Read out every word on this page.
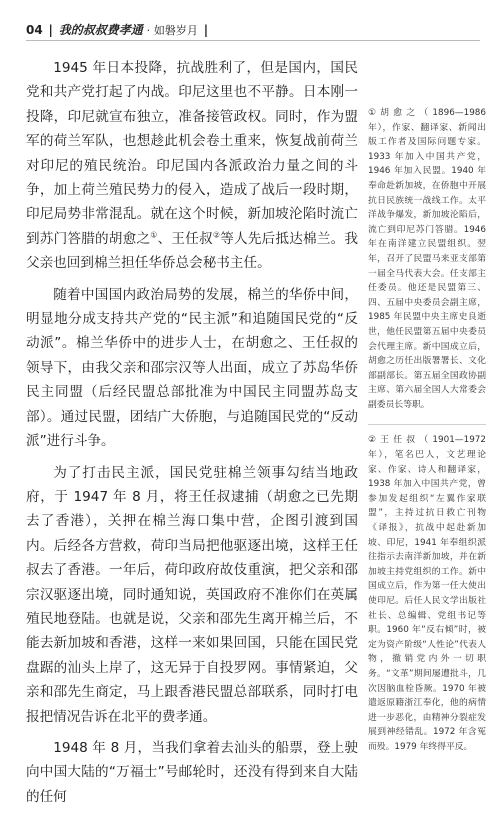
04 | 我的叔叔费孝通 · 如磐岁月 |

1945 年日本投降，抗战胜利了，但是国内，国民党和共产党打起了内战。印尼这里也不平静。日本刚一投降，印尼就宣布独立，准备接管政权。同时，作为盟军的荷兰军队，也想趁此机会卷土重来，恢复战前荷兰对印尼的殖民统治。印尼国内各派政治力量之间的斗争，加上荷兰殖民势力的侵入，造成了战后一段时期，印尼局势非常混乱。就在这个时候，新加坡沦陷时流亡到苏门答腊的胡愈之①、王任叔②等人先后抵达棉兰。我父亲也回到棉兰担任华侨总会秘书主任。

随着中国国内政治局势的发展，棉兰的华侨中间，明显地分成支持共产党的“民主派”和追随国民党的“反动派”。棉兰华侨中的进步人士，在胡愈之、王任叔的领导下，由我父亲和邵宗汉等人出面，成立了苏岛华侨民主同盟（后经民盟总部批准为中国民主同盟苏岛支部）。通过民盟，团结广大侨胞，与追随国民党的“反动派”进行斗争。

为了打击民主派，国民党驻棉兰领事勾结当地政府，于 1947 年 8 月，将王任叔逮捕（胡愈之已先期去了香港），关押在棉兰海口集中营，企图引渡到国内。后经各方营救，荷印当局把他驱逐出境，这样王任叔去了香港。一年后，荷印政府故伎重演，把父亲和邵宗汉驱逐出境，同时通知说，英国政府不准你们在英属殖民地登陆。也就是说，父亲和邵先生离开棉兰后，不能去新加坡和香港，这样一来如果回国，只能在国民党盘踞的汕头上岸了，这无异于自投罗网。事情紧迫，父亲和邵先生商定，马上跟香港民盟总部联系，同时打电报把情况告诉在北平的费孝通。

1948 年 8 月，当我们拿着去汕头的船票，登上驶向中国大陆的“万福士”号邮轮时，还没有得到来自大陆的任何

①胡愈之（1896—1986 年），作家、翻译家、新闻出版工作者及国际问题专家。1933 年加入中国共产党，1946 年加入民盟。1940 年奉命赴新加坡，在侨胞中开展抗日民族统一战线工作。太平洋战争爆发，新加坡沦陷后，流亡到印尼苏门答腊。1946 年在南洋建立民盟组织。翌年，召开了民盟马来亚支部第一届全马代表大会。任支部主任委员。他还是民盟第三、四、五届中央委员会副主席，1985 年民盟中央主席史良逝世，他任民盟第五届中央委员会代理主席。新中国成立后，胡愈之历任出版署署长、文化部副部长。第五届全国政协副主席、第六届全国人大常委会副委员长等职。

②王任叔（1901—1972 年），笔名巴人，文艺理论家、作家、诗人和翻译家，1938 年加入中国共产党，曾参加发起组织“左翼作家联盟”，主持过抗日救亡刊物《译报》，抗战中起赴新加坡、印尼，1941 年奉组织派往指示去南洋新加坡，并在新加坡主持党组织的工作。新中国成立后，作为第一任大使出使印尼。后任人民文学出版社社长、总编辑、党组书记等职。1960 年“反右倾”时，被定为资产阶级“人性论”代表人物，撤销党内外一切职务。“文革”期间屡遭批斗，几次因脑血栓昏厥。1970 年被遣返原籍浙江奉化，他的病情进一步恶化，由精神分裂症发展到神经错乱。1972 年含冤而殁。1979 年终得平反。
